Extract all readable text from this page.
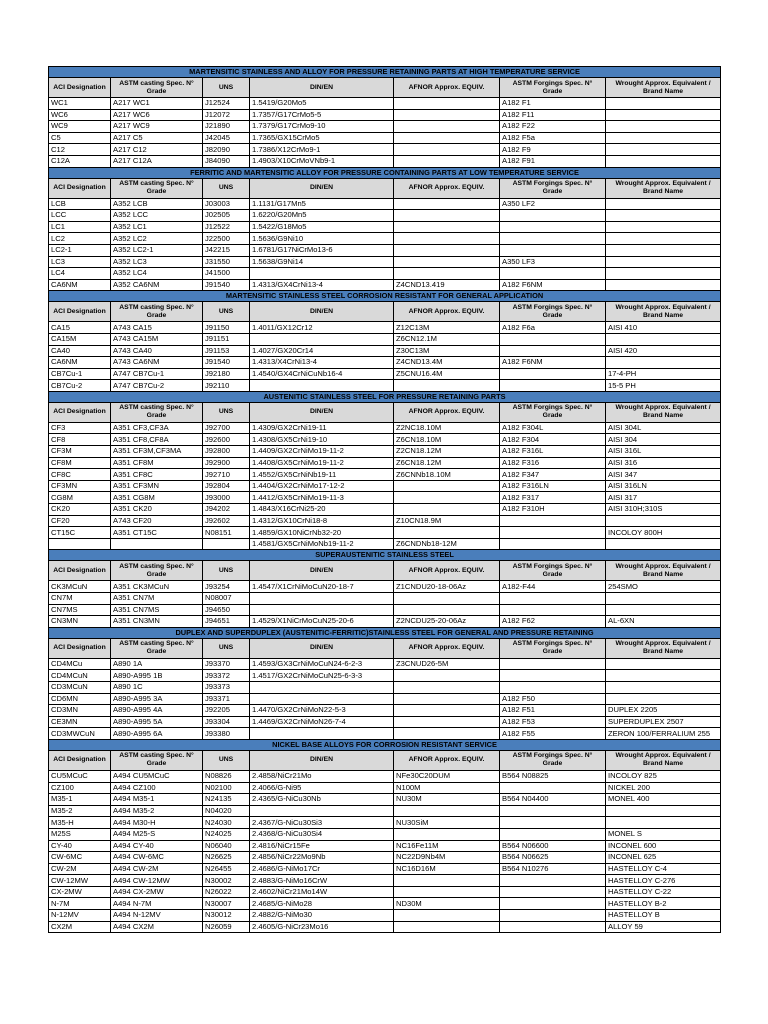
MARTENSITIC STAINLESS AND ALLOY FOR PRESSURE RETAINING PARTS AT HIGH TEMPERATURE SERVICE						
ACI Designation	ASTM casting Spec. N° Grade	UNS	DIN/EN	AFNOR Approx. EQUIV.	ASTM Forgings Spec. N° Grade	Wrought Approx. Equivalent / Brand Name
WC1	A217 WC1	J12524	1.5419/G20Mo5		A182 F1	
WC6	A217 WC6	J12072	1.7357/G17CrMo5-5		A182 F11	
WC9	A217 WC9	J21890	1.7379/G17CrMo9-10		A182 F22	
C5	A217 C5	J42045	1.7365/GX15CrMo5		A182 F5a	
C12	A217 C12	J82090	1.7386/X12CrMo9-1		A182 F9	
C12A	A217 C12A	J84090	1.4903/X10CrMoVNb9-1		A182 F91	
FERRITIC AND MARTENSITIC ALLOY FOR PRESSURE CONTAINING PARTS AT LOW TEMPERATURE SERVICE						
ACI Designation	ASTM casting Spec. N° Grade	UNS	DIN/EN	AFNOR Approx. EQUIV.	ASTM Forgings Spec. N° Grade	Wrought Approx. Equivalent / Brand Name
LCB	A352 LCB	J03003	1.1131/G17Mn5		A350 LF2	
LCC	A352 LCC	J02505	1.6220/G20Mn5			
LC1	A352 LC1	J12522	1.5422/G18Mo5			
LC2	A352 LC2	J22500	1.5636/G9Ni10			
LC2-1	A352 LC2-1	J42215	1.6781/G17NiCrMo13-6			
LC3	A352 LC3	J31550	1.5638/G9Ni14		A350 LF3	
LC4	A352 LC4	J41500				
CA6NM	A352 CA6NM	J91540	1.4313/GX4CrNi13-4	Z4CND13.419	A182 F6NM	
MARTENSITIC STAINLESS STEEL CORROSION RESISTANT FOR GENERAL APPLICATION						
ACI Designation	ASTM casting Spec. N° Grade	UNS	DIN/EN	AFNOR Approx. EQUIV.	ASTM Forgings Spec. N° Grade	Wrought Approx. Equivalent / Brand Name
CA15	A743 CA15	J91150	1.4011/GX12Cr12	Z12C13M	A182 F6a	AISI 410
CA15M	A743 CA15M	J91151		Z6CN12.1M		
CA40	A743 CA40	J91153	1.4027/GX20Cr14	Z30C13M		AISI 420
CA6NM	A743 CA6NM	J91540	1.4313/X4CrNi13-4	Z4CND13.4M	A182 F6NM	
CB7Cu-1	A747 CB7Cu-1	J92180	1.4540/GX4CrNiCuNb16-4	Z5CNU16.4M		17-4-PH
CB7Cu-2	A747 CB7Cu-2	J92110				15-5 PH
AUSTENITIC STAINLESS STEEL FOR PRESSURE RETAINING PARTS						
ACI Designation	ASTM casting Spec. N° Grade	UNS	DIN/EN	AFNOR Approx. EQUIV.	ASTM Forgings Spec. N° Grade	Wrought Approx. Equivalent / Brand Name
CF3	A351 CF3,CF3A	J92700	1.4309/GX2CrNi19-11	Z2NC18.10M	A182 F304L	AISI 304L
CF8	A351 CF8,CF8A	J92600	1.4308/GX5CrNi19-10	Z6CN18.10M	A182 F304	AISI 304
CF3M	A351 CF3M,CF3MA	J92800	1.4409/GX2CrNiMo19-11-2	Z2CN18.12M	A182 F316L	AISI 316L
CF8M	A351 CF8M	J92900	1.4408/GX5CrNiMo19-11-2	Z6CN18.12M	A182 F316	AISI 316
CF8C	A351 CF8C	J92710	1.4552/GX5CrNiNb19-11	Z6CNNb18.10M	A182 F347	AISI 347
CF3MN	A351 CF3MN	J92804	1.4404/GX2CrNiMo17-12-2		A182 F316LN	AISI 316LN
CG8M	A351 CG8M	J93000	1.4412/GX5CrNiMo19-11-3		A182 F317	AISI 317
CK20	A351 CK20	J94202	1.4843/X16CrNi25-20		A182 F310H	AISI 310H;310S
CF20	A743 CF20	J92602	1.4312/GX10CrNi18-8	Z10CN18.9M		
CT15C	A351 CT15C	N08151	1.4859/GX10NiCrNb32-20			INCOLOY 800H
			1.4581/GX5CrNiMoNb19-11-2	Z6CNDNb18-12M		
SUPERAUSTENITIC STAINLESS STEEL						
ACI Designation	ASTM casting Spec. N° Grade	UNS	DIN/EN	AFNOR Approx. EQUIV.	ASTM Forgings Spec. N° Grade	Wrought Approx. Equivalent / Brand Name
CK3MCuN	A351 CK3MCuN	J93254	1.4547/X1CrNiMoCuN20-18-7	Z1CNDU20-18-06Az	A182-F44	254SMO
CN7M	A351 CN7M	N08007				
CN7MS	A351 CN7MS	J94650				
CN3MN	A351 CN3MN	J94651	1.4529/X1NiCrMoCuN25-20-6	Z2NCDU25-20-06Az	A182 F62	AL-6XN
DUPLEX AND SUPERDUPLEX (AUSTENITIC-FERRITIC)STAINLESS STEEL FOR GENERAL AND PRESSURE RETAINING						
ACI Designation	ASTM casting Spec. N° Grade	UNS	DIN/EN	AFNOR Approx. EQUIV.	ASTM Forgings Spec. N° Grade	Wrought Approx. Equivalent / Brand Name
CD4MCu	A890 1A	J93370	1.4593/GX3CrNiMoCuN24-6-2-3	Z3CNUD26-5M		
CD4MCuN	A890-A995 1B	J93372	1.4517/GX2CrNiMoCuN25-6-3-3			
CD3MCuN	A890 1C	J93373				
CD6MN	A890-A995 3A	J93371			A182 F50	
CD3MN	A890-A995 4A	J92205	1.4470/GX2CrNiMoN22-5-3		A182 F51	DUPLEX 2205
CE3MN	A890-A995 5A	J93304	1.4469/GX2CrNiMoN26-7-4		A182 F53	SUPERDUPLEX 2507
CD3MWCuN	A890-A995 6A	J93380			A182 F55	ZERON 100/FERRALIUM 255
NICKEL BASE ALLOYS FOR CORROSION RESISTANT SERVICE						
ACI Designation	ASTM casting Spec. N° Grade	UNS	DIN/EN	AFNOR Approx. EQUIV.	ASTM Forgings Spec. N° Grade	Wrought Approx. Equivalent / Brand Name
CU5MCuC	A494 CU5MCuC	N08826	2.4858/NiCr21Mo	NFe30C20DUM	B564 N08825	INCOLOY 825
CZ100	A494 CZ100	N02100	2.4066/G-Ni95	N100M		NICKEL 200
M35-1	A494 M35-1	N24135	2.4365/G-NiCu30Nb	NU30M	B564 N04400	MONEL 400
M35-2	A494 M35-2	N04020				
M35-H	A494 M30-H	N24030	2.4367/G-NiCu30Si3	NU30SiM		
M25S	A494 M25-S	N24025	2.4368/G-NiCu30Si4			MONEL S
CY-40	A494 CY-40	N06040	2.4816/NiCr15Fe	NC16Fe11M	B564 N06600	INCONEL 600
CW-6MC	A494 CW-6MC	N26625	2.4856/NiCr22Mo9Nb	NC22D9Nb4M	B564 N06625	INCONEL 625
CW-2M	A494 CW-2M	N26455	2.4686/G-NiMo17Cr	NC16D16M	B564 N10276	HASTELLOY C-4
CW-12MW	A494 CW-12MW	N30002	2.4883/G-NiMo16CrW			HASTELLOY C-276
CX-2MW	A494 CX-2MW	N26022	2.4602/NiCr21Mo14W			HASTELLOY C-22
N-7M	A494 N-7M	N30007	2.4685/G-NiMo28	ND30M		HASTELLOY B-2
N-12MV	A494 N-12MV	N30012	2.4882/G-NiMo30			HASTELLOY B
CX2M	A494 CX2M	N26059	2.4605/G-NiCr23Mo16			ALLOY 59
